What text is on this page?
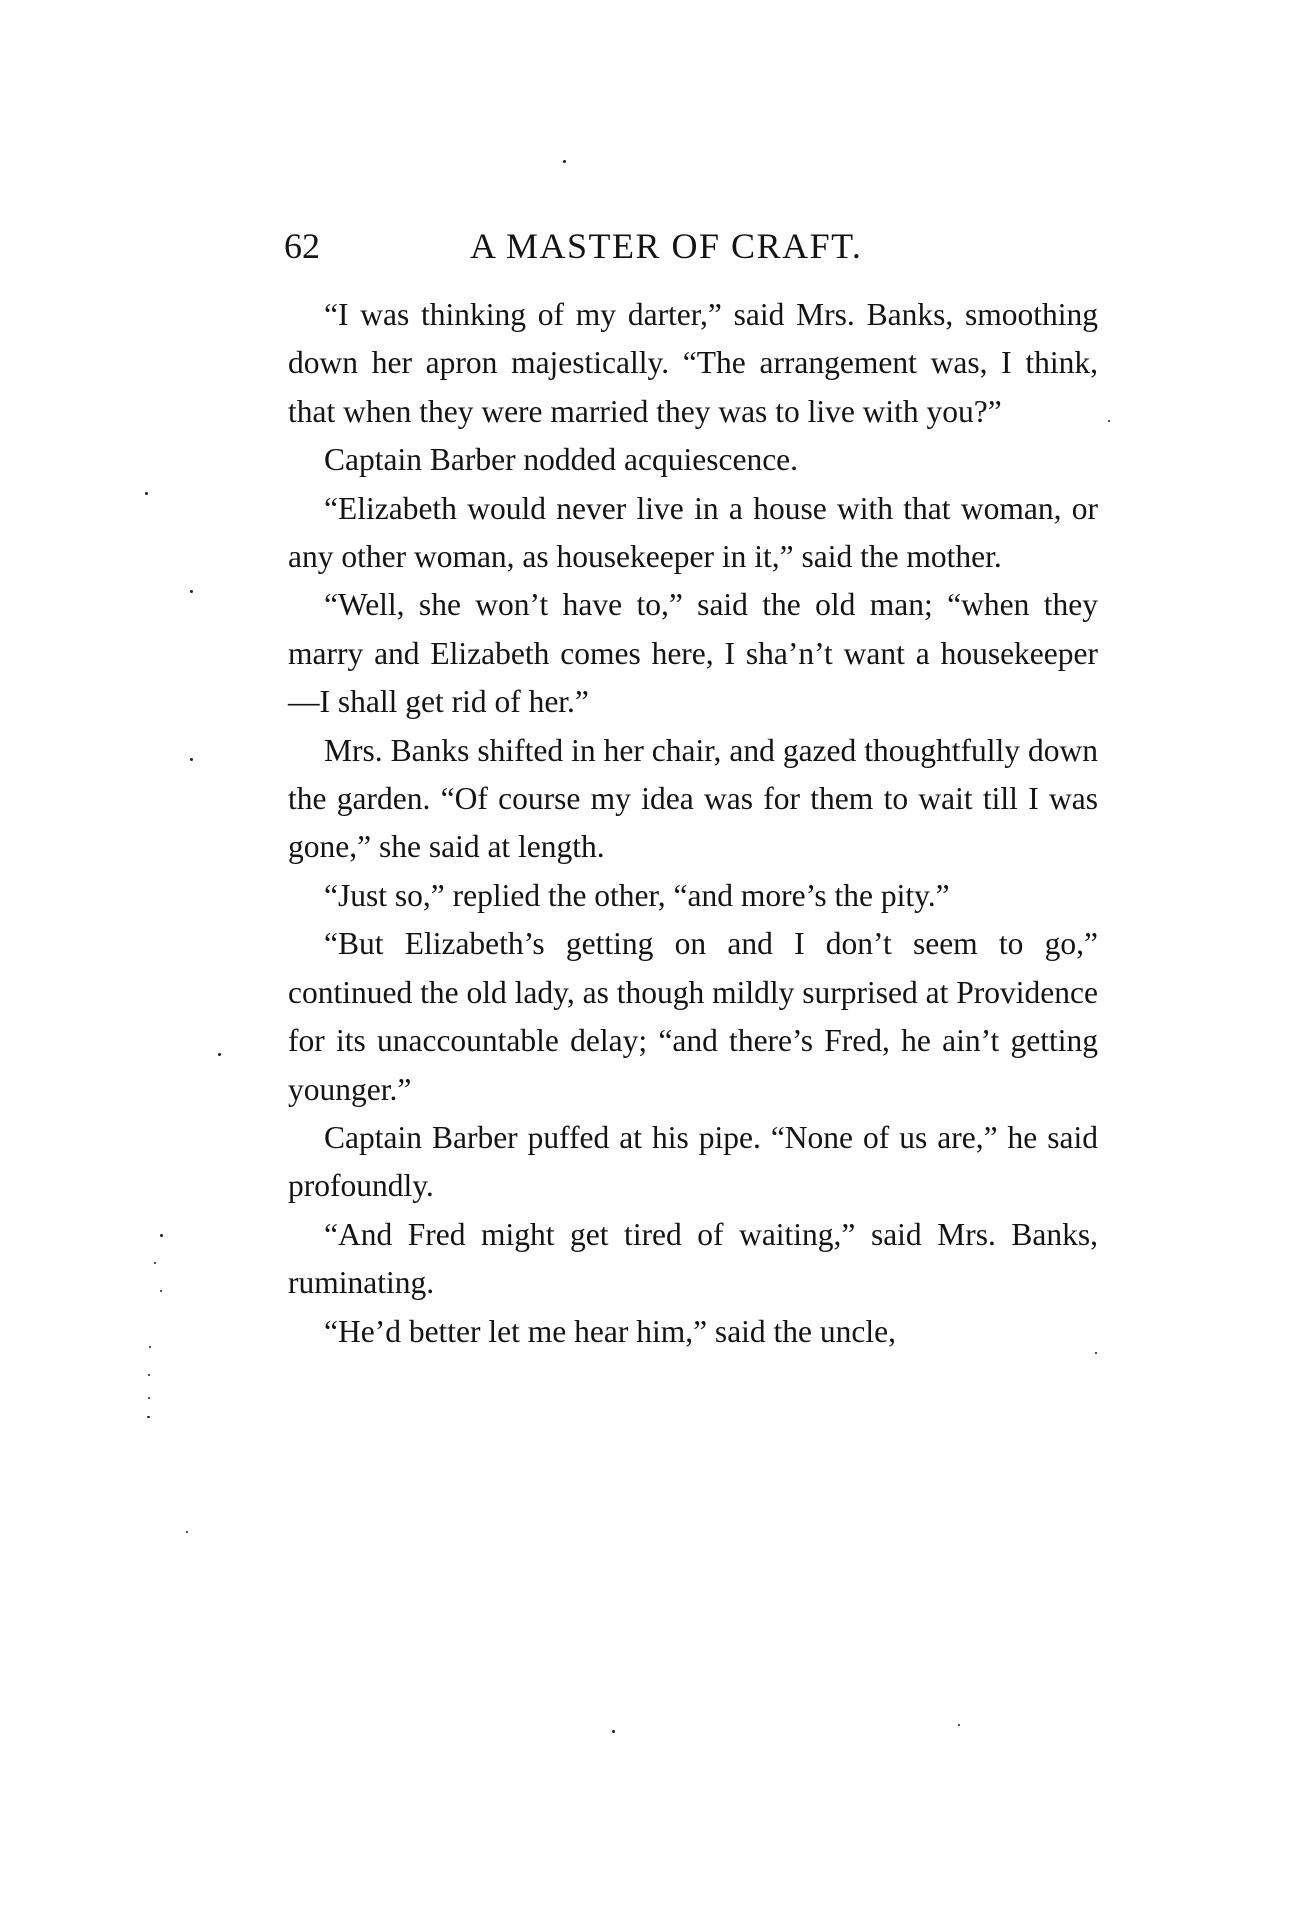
62	A MASTER OF CRAFT.

“I was thinking of my darter,” said Mrs. Banks, smoothing down her apron majestically. “The arrangement was, I think, that when they were married they was to live with you?”

Captain Barber nodded acquiescence.

“Elizabeth would never live in a house with that woman, or any other woman, as housekeeper in it,” said the mother.

“Well, she won’t have to,” said the old man; “when they marry and Elizabeth comes here, I sha’n’t want a housekeeper—I shall get rid of her.”

Mrs. Banks shifted in her chair, and gazed thoughtfully down the garden. “Of course my idea was for them to wait till I was gone,” she said at length.

“Just so,” replied the other, “and more’s the pity.”

“But Elizabeth’s getting on and I don’t seem to go,” continued the old lady, as though mildly surprised at Providence for its unaccountable delay; “and there’s Fred, he ain’t getting younger.”

Captain Barber puffed at his pipe. “None of us are,” he said profoundly.

“And Fred might get tired of waiting,” said Mrs. Banks, ruminating.

“He’d better let me hear him,” said the uncle,
